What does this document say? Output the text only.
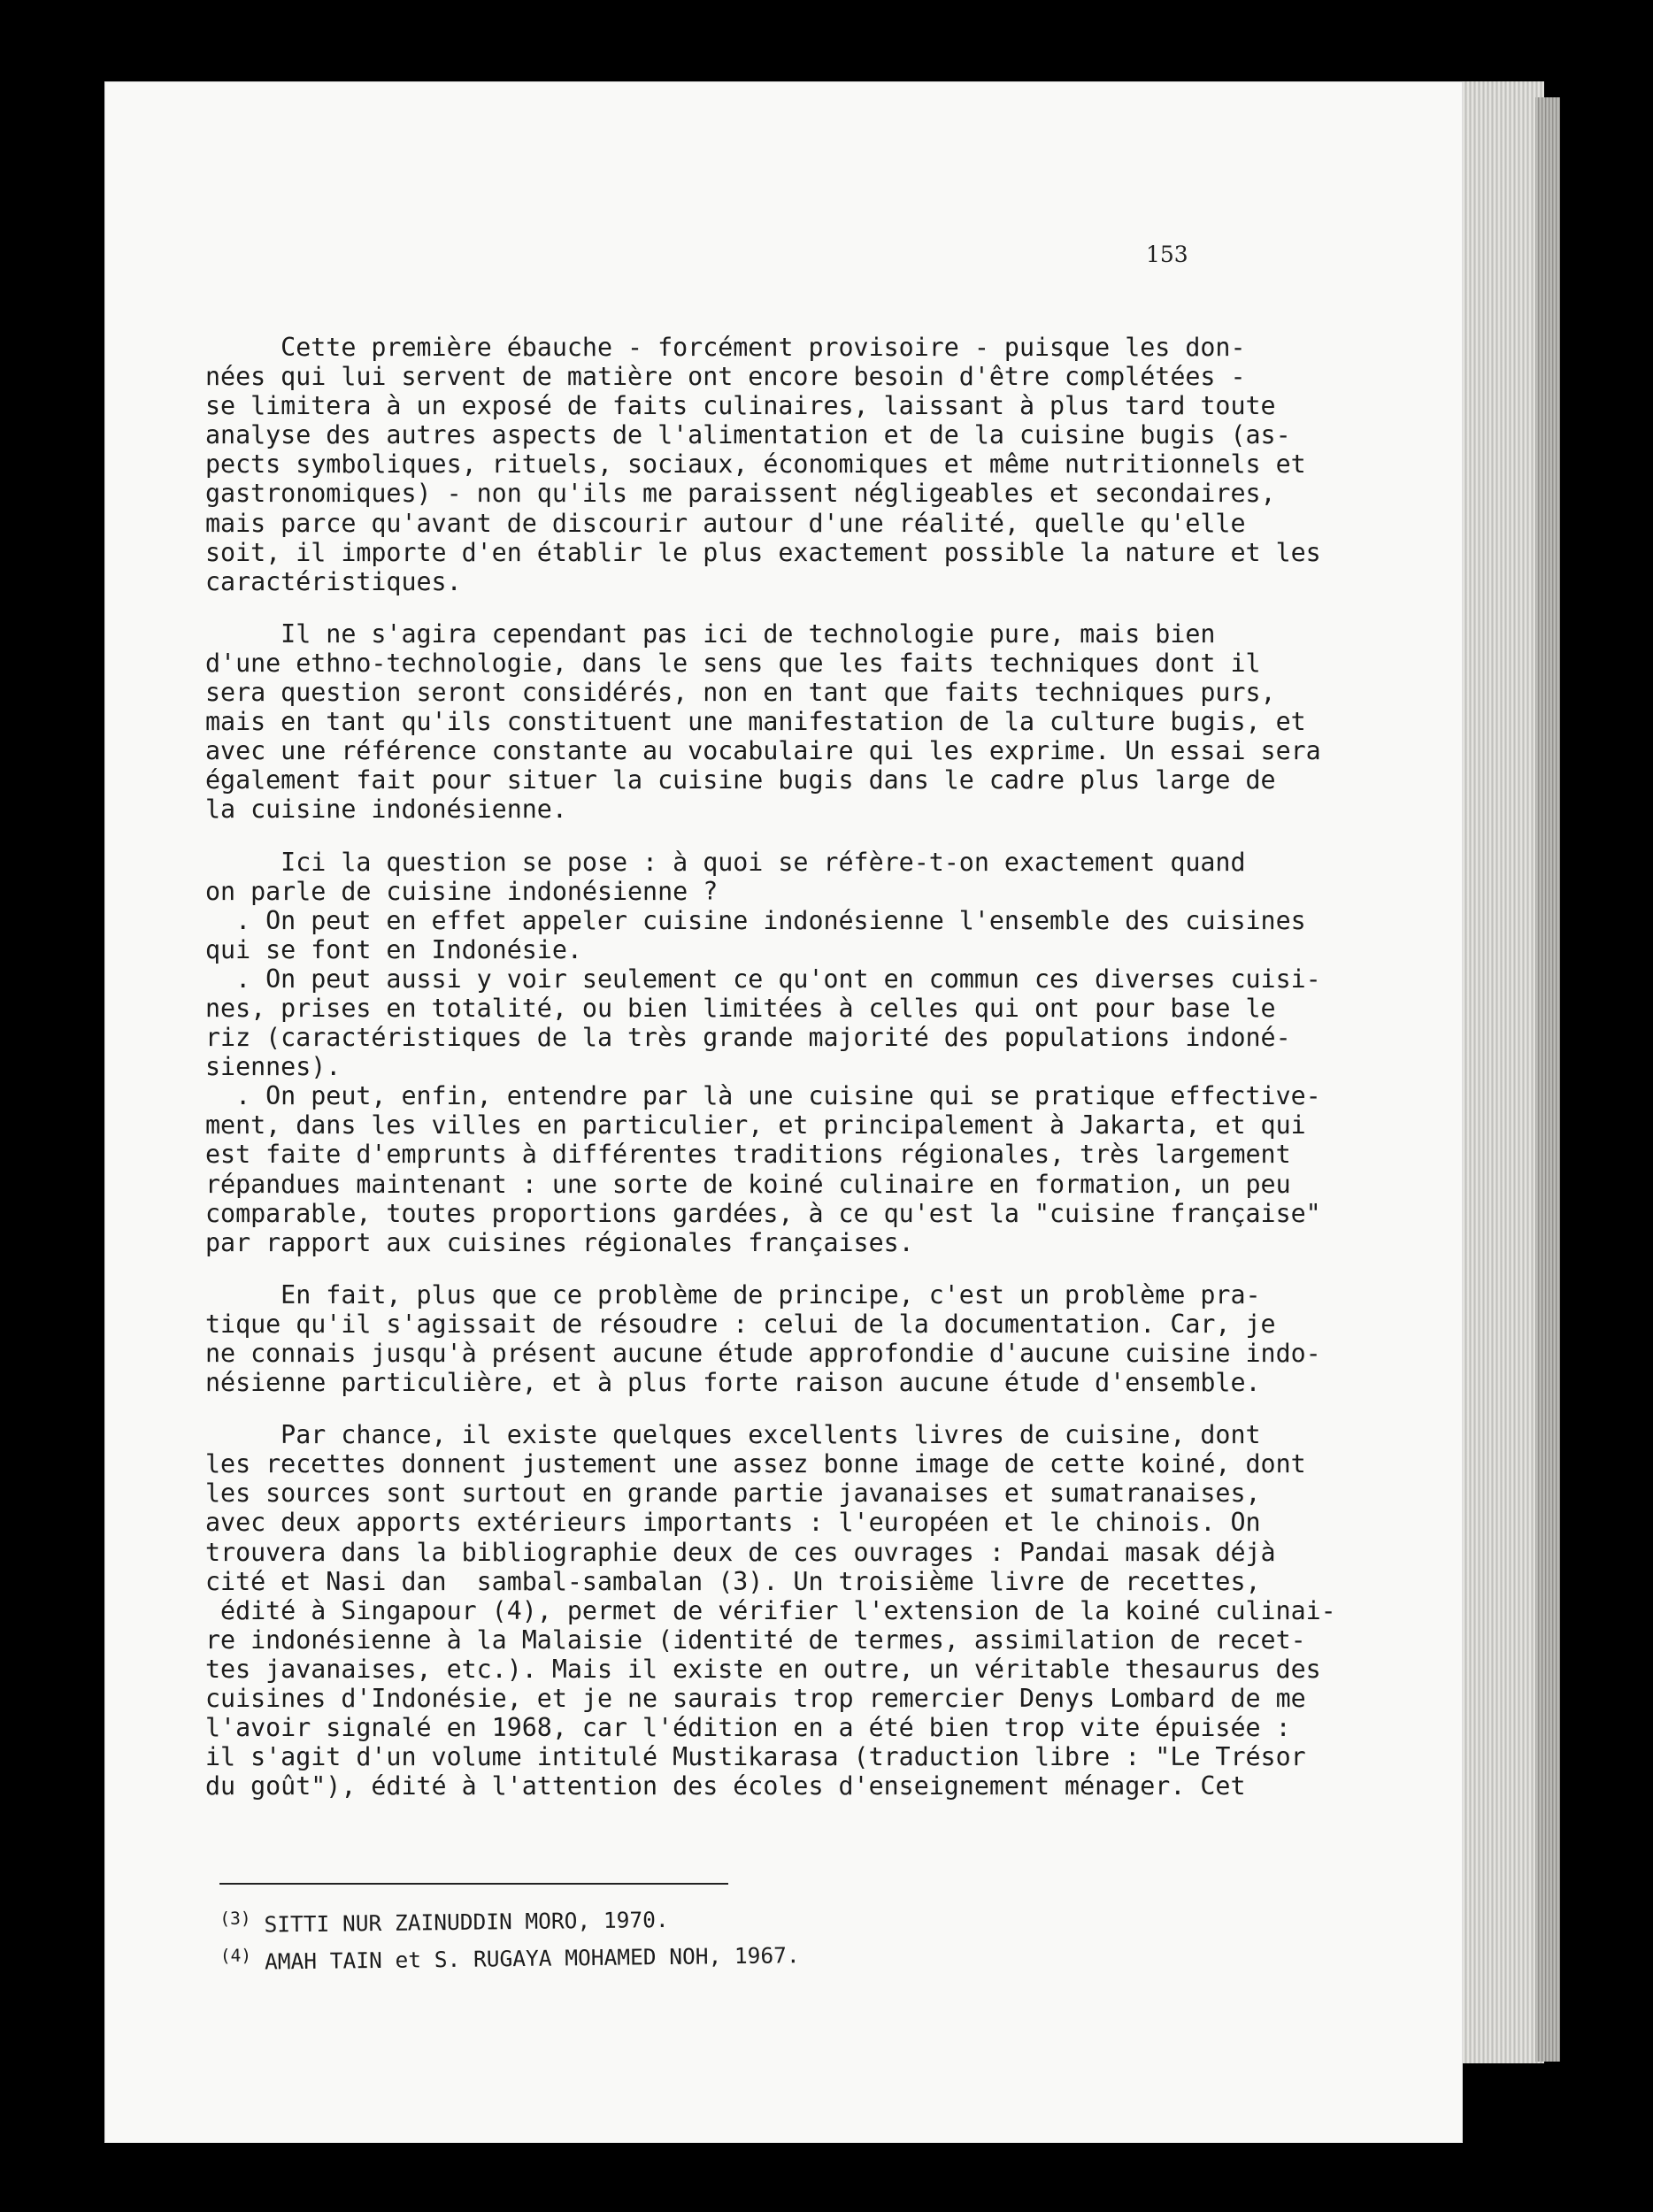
153
Cette première ébauche - forcément provisoire - puisque les don-
nées qui lui servent de matière ont encore besoin d'être complétées -
se limitera à un exposé de faits culinaires, laissant à plus tard toute
analyse des autres aspects de l'alimentation et de la cuisine bugis (as-
pects symboliques, rituels, sociaux, économiques et même nutritionnels et
gastronomiques) - non qu'ils me paraissent négligeables et secondaires,
mais parce qu'avant de discourir autour d'une réalité, quelle qu'elle
soit, il importe d'en établir le plus exactement possible la nature et les
caractéristiques.
Il ne s'agira cependant pas ici de technologie pure, mais bien
d'une ethno-technologie, dans le sens que les faits techniques dont il
sera question seront considérés, non en tant que faits techniques purs,
mais en tant qu'ils constituent une manifestation de la culture bugis, et
avec une référence constante au vocabulaire qui les exprime. Un essai sera
également fait pour situer la cuisine bugis dans le cadre plus large de
la cuisine indonésienne.
Ici la question se pose : à quoi se réfère-t-on exactement quand
on parle de cuisine indonésienne ?
. On peut en effet appeler cuisine indonésienne l'ensemble des cuisines
qui se font en Indonésie.
. On peut aussi y voir seulement ce qu'ont en commun ces diverses cuisi-
nes, prises en totalité, ou bien limitées à celles qui ont pour base le
riz (caractéristiques de la très grande majorité des populations indoné-
siennes).
. On peut, enfin, entendre par là une cuisine qui se pratique effective-
ment, dans les villes en particulier, et principalement à Jakarta, et qui
est faite d'emprunts à différentes traditions régionales, très largement
répandues maintenant : une sorte de koiné culinaire en formation, un peu
comparable, toutes proportions gardées, à ce qu'est la "cuisine française"
par rapport aux cuisines régionales françaises.
En fait, plus que ce problème de principe, c'est un problème pra-
tique qu'il s'agissait de résoudre : celui de la documentation. Car, je
ne connais jusqu'à présent aucune étude approfondie d'aucune cuisine indo-
nésienne particulière, et à plus forte raison aucune étude d'ensemble.
Par chance, il existe quelques excellents livres de cuisine, dont
les recettes donnent justement une assez bonne image de cette koiné, dont
les sources sont surtout en grande partie javanaises et sumatranaises,
avec deux apports extérieurs importants : l'européen et le chinois. On
trouvera dans la bibliographie deux de ces ouvrages : Pandai masak déjà
cité et Nasi dan  sambal-sambalan (3). Un troisième livre de recettes,
édité à Singapour (4), permet de vérifier l'extension de la koiné culinai-
re indonésienne à la Malaisie (identité de termes, assimilation de recet-
tes javanaises, etc.). Mais il existe en outre, un véritable thesaurus des
cuisines d'Indonésie, et je ne saurais trop remercier Denys Lombard de me
l'avoir signalé en 1968, car l'édition en a été bien trop vite épuisée :
il s'agit d'un volume intitulé Mustikarasa (traduction libre : "Le Trésor
du goût"), édité à l'attention des écoles d'enseignement ménager. Cet
$^{(3)}$ SITTI NUR ZAINUDDIN MORO, 1970.
$^{(4)}$ AMAH TAIN et S. RUGAYA MOHAMED NOH, 1967.
